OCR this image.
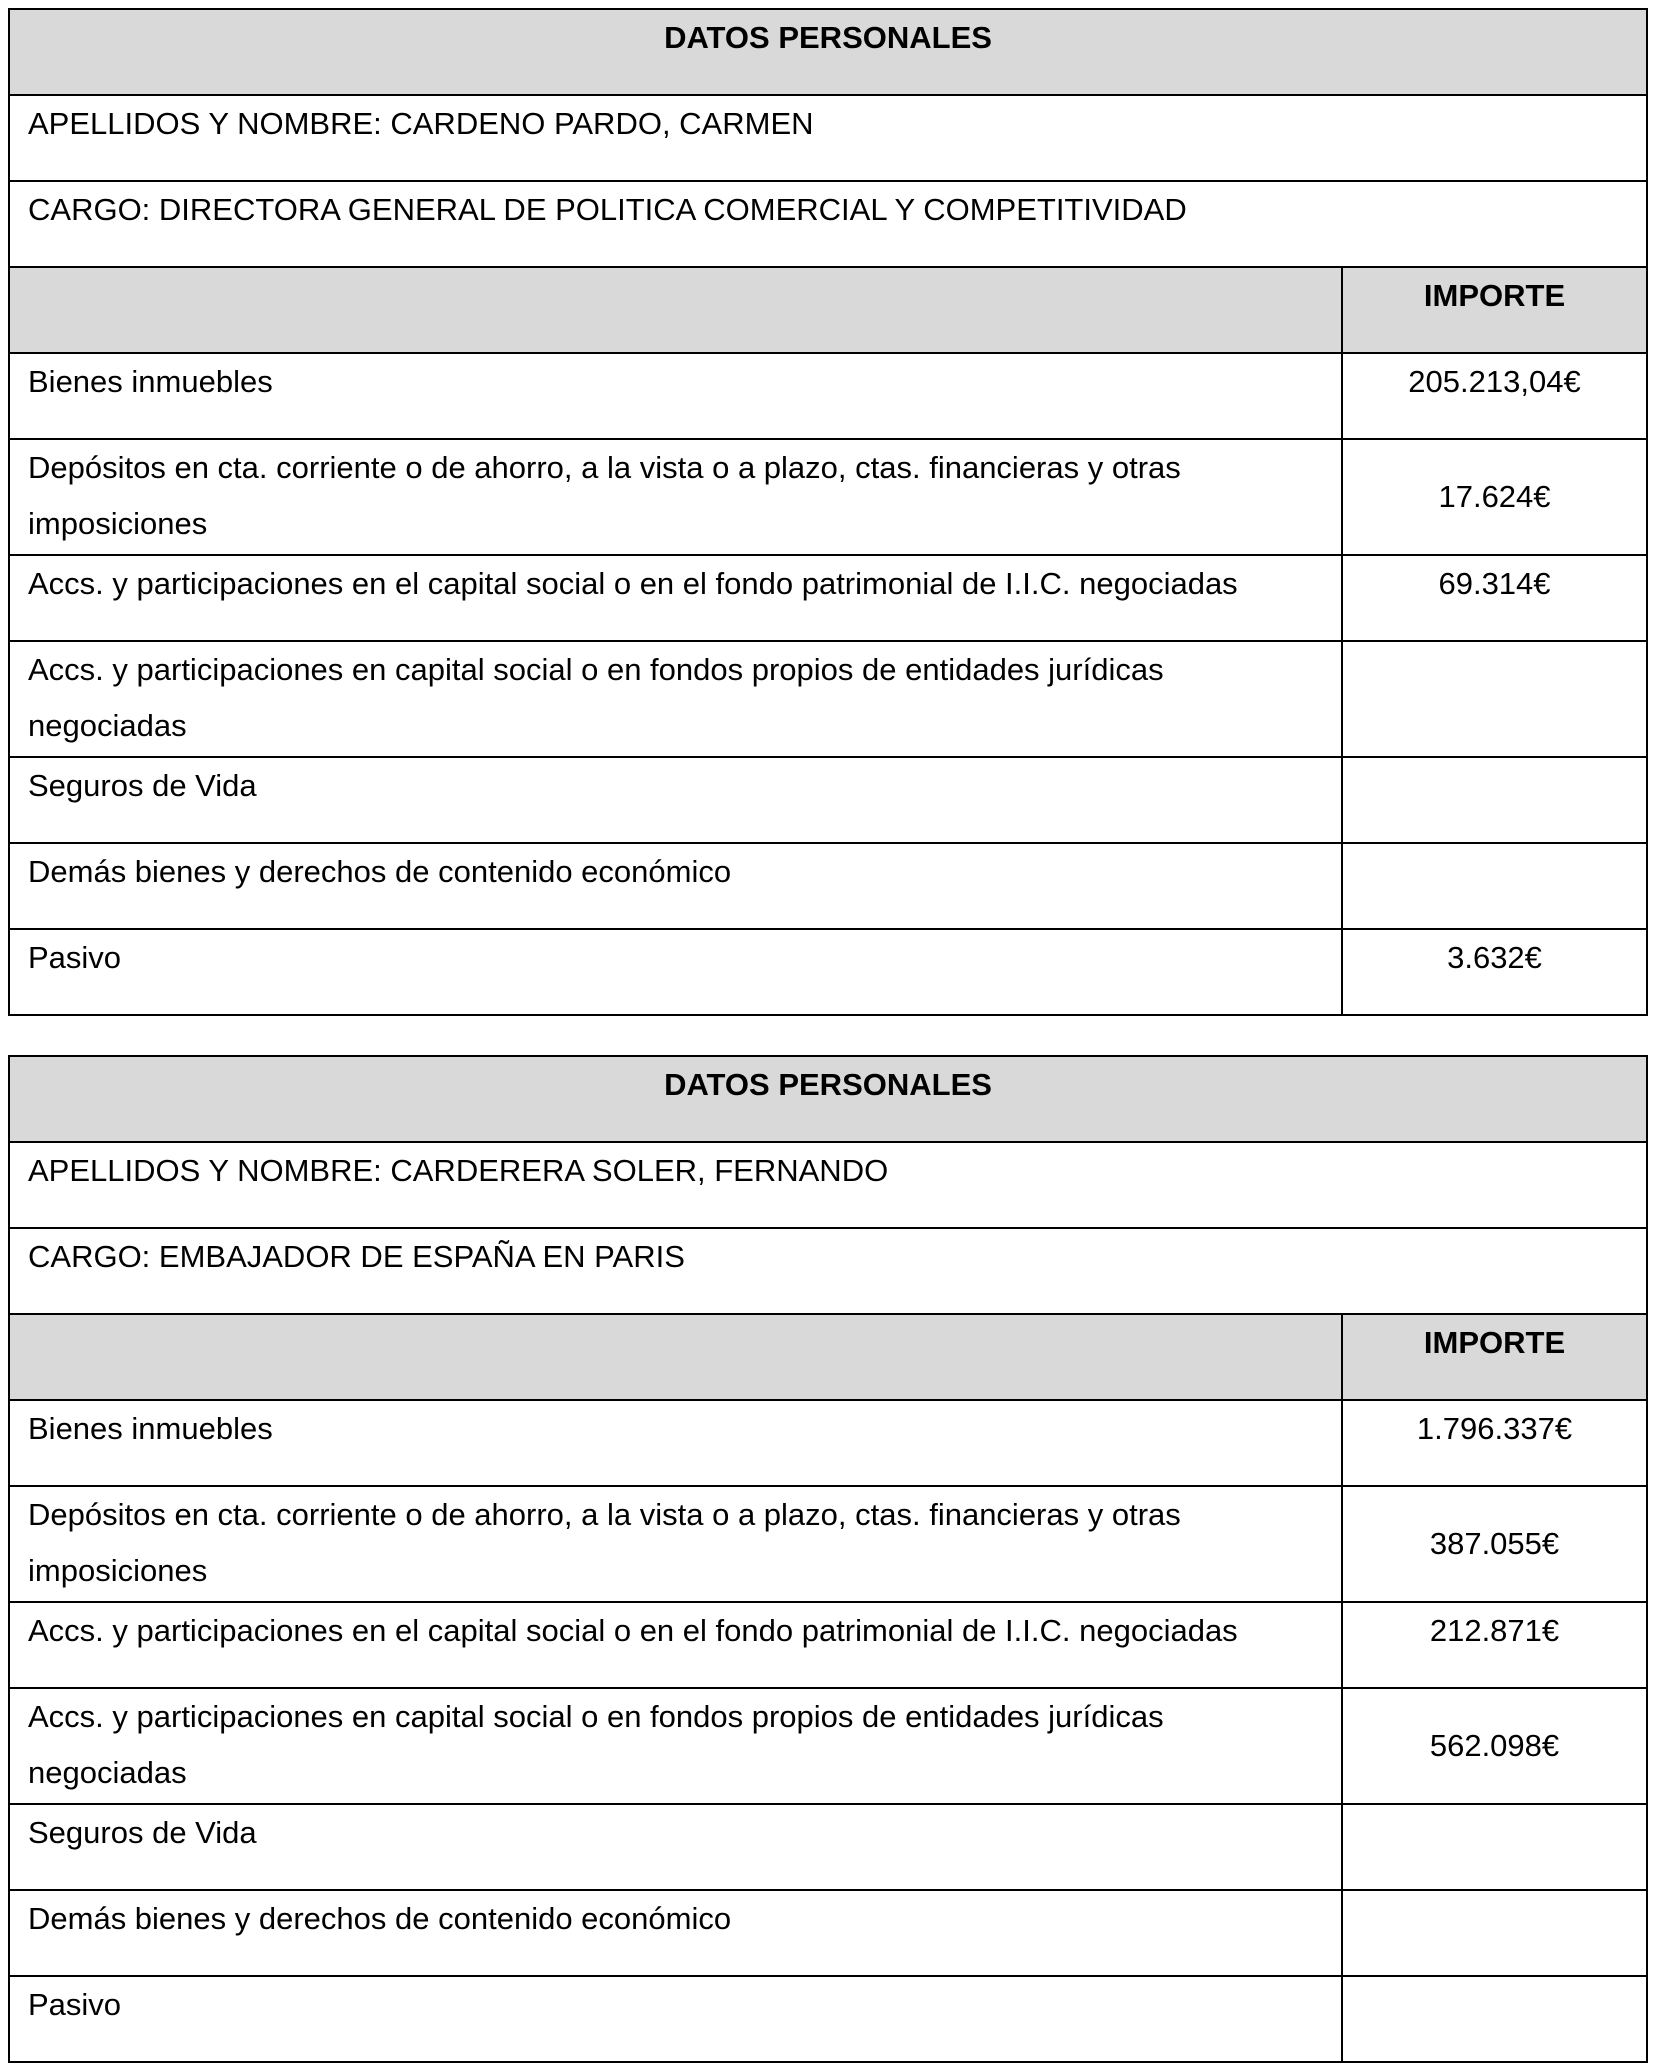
DATOS PERSONALES	
APELLIDOS Y NOMBRE: CARDENO PARDO, CARMEN	
CARGO: DIRECTORA GENERAL DE POLITICA COMERCIAL Y COMPETITIVIDAD	
	IMPORTE
Bienes inmuebles	205.213,04€
Depósitos en cta. corriente o de ahorro, a la vista o a plazo, ctas. financieras y otras imposiciones	17.624€
Accs. y participaciones en el capital social o en el fondo patrimonial de I.I.C. negociadas	69.314€
Accs. y participaciones en capital social o en fondos propios de entidades jurídicas negociadas	
Seguros de Vida	
Demás bienes y derechos de contenido económico	
Pasivo	3.632€
DATOS PERSONALES	
APELLIDOS Y NOMBRE: CARDERERA SOLER, FERNANDO	
CARGO: EMBAJADOR DE ESPAÑA EN PARIS	
	IMPORTE
Bienes inmuebles	1.796.337€
Depósitos en cta. corriente o de ahorro, a la vista o a plazo, ctas. financieras y otras imposiciones	387.055€
Accs. y participaciones en el capital social o en el fondo patrimonial de I.I.C. negociadas	212.871€
Accs. y participaciones en capital social o en fondos propios de entidades jurídicas negociadas	562.098€
Seguros de Vida	
Demás bienes y derechos de contenido económico	
Pasivo	
